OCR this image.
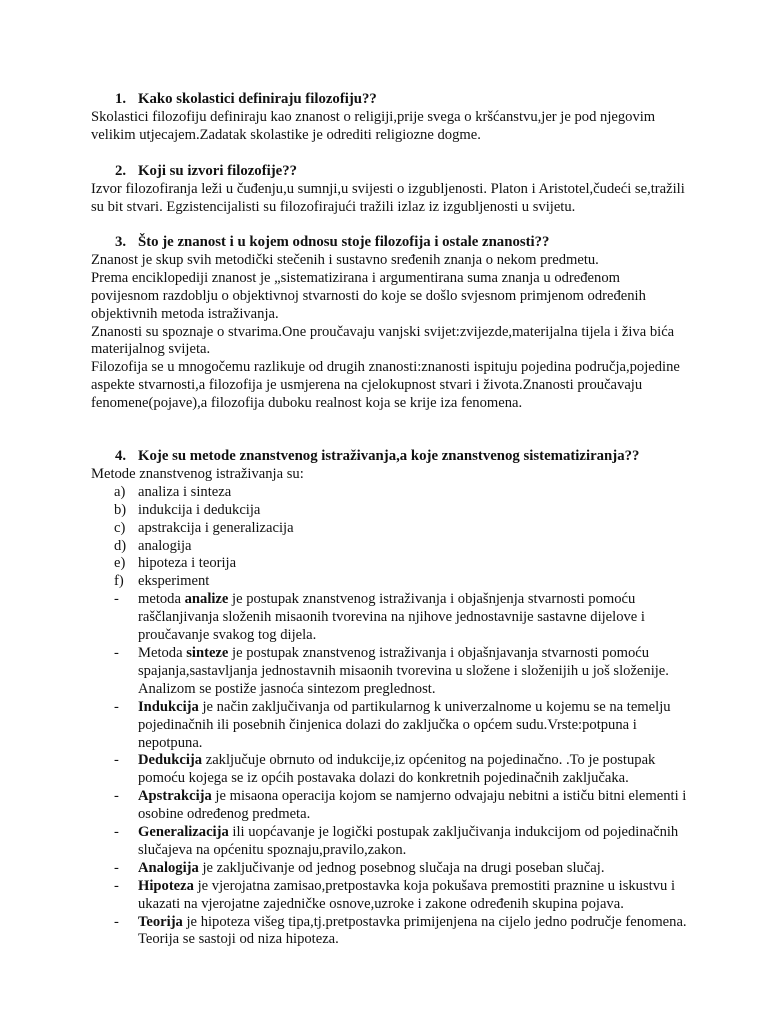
1. Kako skolastici definiraju filozofiju??

Skolastici filozofiju definiraju kao znanost o religiji,prije svega o kršćanstvu,jer je pod njegovim velikim utjecajem.Zadatak skolastike je odrediti religiozne dogme.

2. Koji su izvori filozofije??

Izvor filozofiranja leži u čuđenju,u sumnji,u svijesti o izgubljenosti. Platon i Aristotel,čudeći se,tražili su bit stvari. Egzistencijalisti su filozofirajući tražili izlaz iz izgubljenosti u svijetu.

3. Što je znanost i u kojem odnosu stoje filozofija i ostale znanosti??

Znanost je skup svih metodički stečenih i sustavno sređenih znanja o nekom predmetu.

Prema enciklopediji znanost je „sistematizirana i argumentirana suma znanja u određenom povijesnom razdoblju o objektivnoj stvarnosti do koje se došlo svjesnom primjenom određenih objektivnih metoda istraživanja.

Znanosti su spoznaje o stvarima.One proučavaju vanjski svijet:zvijezde,materijalna tijela i živa bića materijalnog svijeta.

Filozofija se u mnogočemu razlikuje od drugih znanosti:znanosti ispituju pojedina područja,pojedine aspekte stvarnosti,a filozofija je usmjerena na cjelokupnost stvari i života.Znanosti proučavaju fenomene(pojave),a filozofija duboku realnost koja se krije iza fenomena.

4. Koje su metode znanstvenog istraživanja,a koje znanstvenog sistematiziranja??

Metode znanstvenog istraživanja su:

a) analiza i sinteza
b) indukcija i dedukcija
c) apstrakcija i generalizacija
d) analogija
e) hipoteza i teorija
f) eksperiment
-	metoda analize je postupak znanstvenog istraživanja i objašnjenja stvarnosti pomoću raščlanjivanja složenih misaonih tvorevina na njihove jednostavnije sastavne dijelove i proučavanje svakog tog dijela.
-	Metoda sinteze je postupak znanstvenog istraživanja i objašnjavanja stvarnosti pomoću spajanja,sastavljanja jednostavnih misaonih tvorevina u složene i složenijih u još složenije. Analizom se postiže jasnoća sintezom preglednost.
-	Indukcija je način zaključivanja od partikularnog k univerzalnome u kojemu se na temelju pojedinačnih ili posebnih činjenica dolazi do zaključka o općem sudu.Vrste:potpuna i nepotpuna.
-	Dedukcija zaključuje obrnuto od indukcije,iz općenitog na pojedinačno. .To je postupak pomoću kojega se iz općih postavaka dolazi do konkretnih pojedinačnih zaključaka.
-	Apstrakcija je misaona operacija kojom se namjerno odvajaju nebitni a ističu bitni elementi i osobine određenog predmeta.
-	Generalizacija ili uopćavanje je logički postupak zaključivanja indukcijom od pojedinačnih slučajeva na općenitu spoznaju,pravilo,zakon.
-	Analogija je zaključivanje od jednog posebnog slučaja na drugi poseban slučaj.
-	Hipoteza je vjerojatna zamisao,pretpostavka koja pokušava premostiti praznine u iskustvu i ukazati na vjerojatne zajedničke osnove,uzroke i zakone određenih skupina pojava.
-	Teorija je hipoteza višeg tipa,tj.pretpostavka primijenjena na cijelo jedno područje fenomena. Teorija se sastoji od niza hipoteza.
